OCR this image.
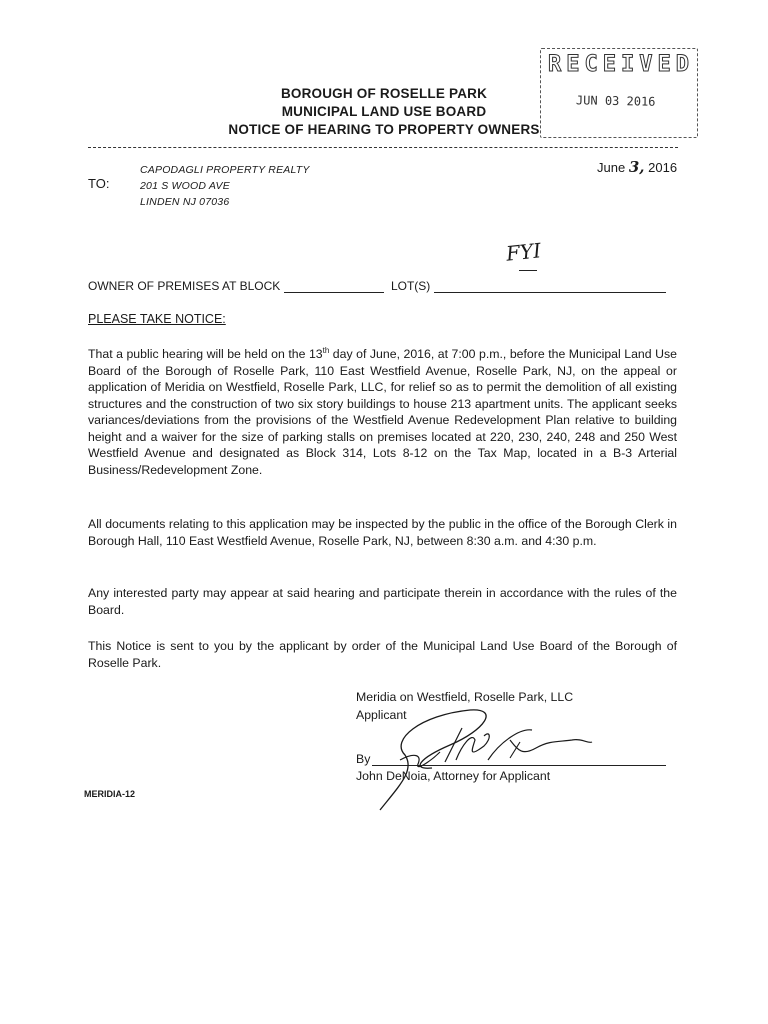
BOROUGH OF ROSELLE PARK
MUNICIPAL LAND USE BOARD
NOTICE OF HEARING TO PROPERTY OWNERS
RECEIVED
JUN 03 2016
June 3, 2016
TO:
CAPODAGLI PROPERTY REALTY
201 S WOOD AVE
LINDEN NJ 07036
FYI
OWNER OF PREMISES AT BLOCK	LOT(S)
PLEASE TAKE NOTICE:
That a public hearing will be held on the 13th day of June, 2016, at 7:00 p.m., before the Municipal Land Use Board of the Borough of Roselle Park, 110 East Westfield Avenue, Roselle Park, NJ, on the appeal or application of Meridia on Westfield, Roselle Park, LLC, for relief so as to permit the demolition of all existing structures and the construction of two six story buildings to house 213 apartment units. The applicant seeks variances/deviations from the provisions of the Westfield Avenue Redevelopment Plan relative to building height and a waiver for the size of parking stalls on premises located at 220, 230, 240, 248 and 250 West Westfield Avenue and designated as Block 314, Lots 8-12 on the Tax Map, located in a B-3 Arterial Business/Redevelopment Zone.
All documents relating to this application may be inspected by the public in the office of the Borough Clerk in Borough Hall, 110 East Westfield Avenue, Roselle Park, NJ, between 8:30 a.m. and 4:30 p.m.
Any interested party may appear at said hearing and participate therein in accordance with the rules of the Board.
This Notice is sent to you by the applicant by order of the Municipal Land Use Board of the Borough of Roselle Park.
Meridia on Westfield, Roselle Park, LLC
Applicant
By
John DeNoia, Attorney for Applicant
MERIDIA-12
